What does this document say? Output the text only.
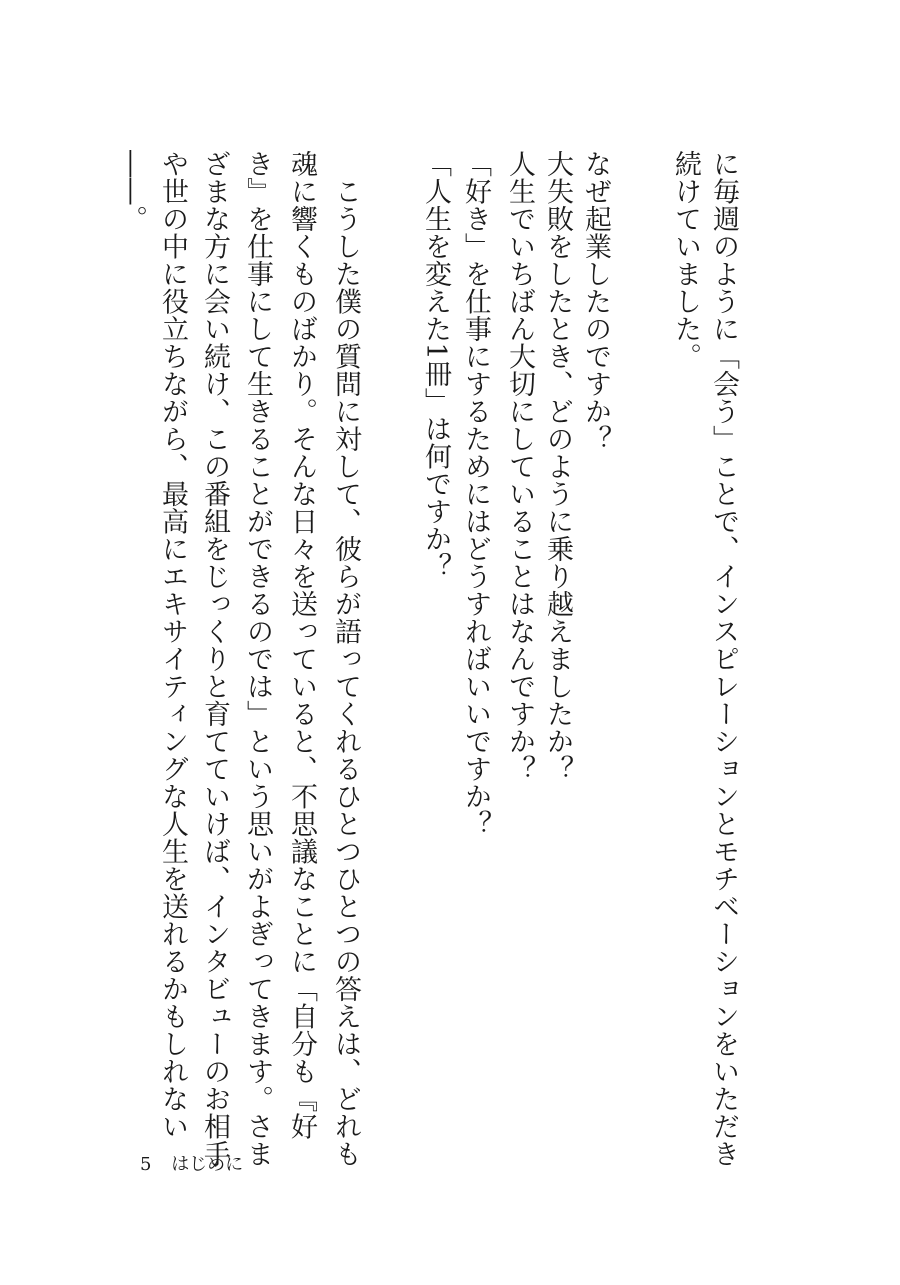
に毎週のように「会う」ことで、インスピレーションとモチベーションをいただき
続けていました。
なぜ起業したのですか？
大失敗をしたとき、どのように乗り越えましたか？
人生でいちばん大切にしていることはなんですか？
「好き」を仕事にするためにはどうすればいいですか？
「人生を変えた1冊」は何ですか？
　こうした僕の質問に対して、彼らが語ってくれるひとつひとつの答えは、どれも
魂に響くものばかり。そんな日々を送っていると、不思議なことに「自分も『好
き』を仕事にして生きることができるのでは」という思いがよぎってきます。さま
ざまな方に会い続け、この番組をじっくりと育てていけば、インタビューのお相手
や世の中に役立ちながら、最高にエキサイティングな人生を送れるかもしれない
――。
5 はじめに
